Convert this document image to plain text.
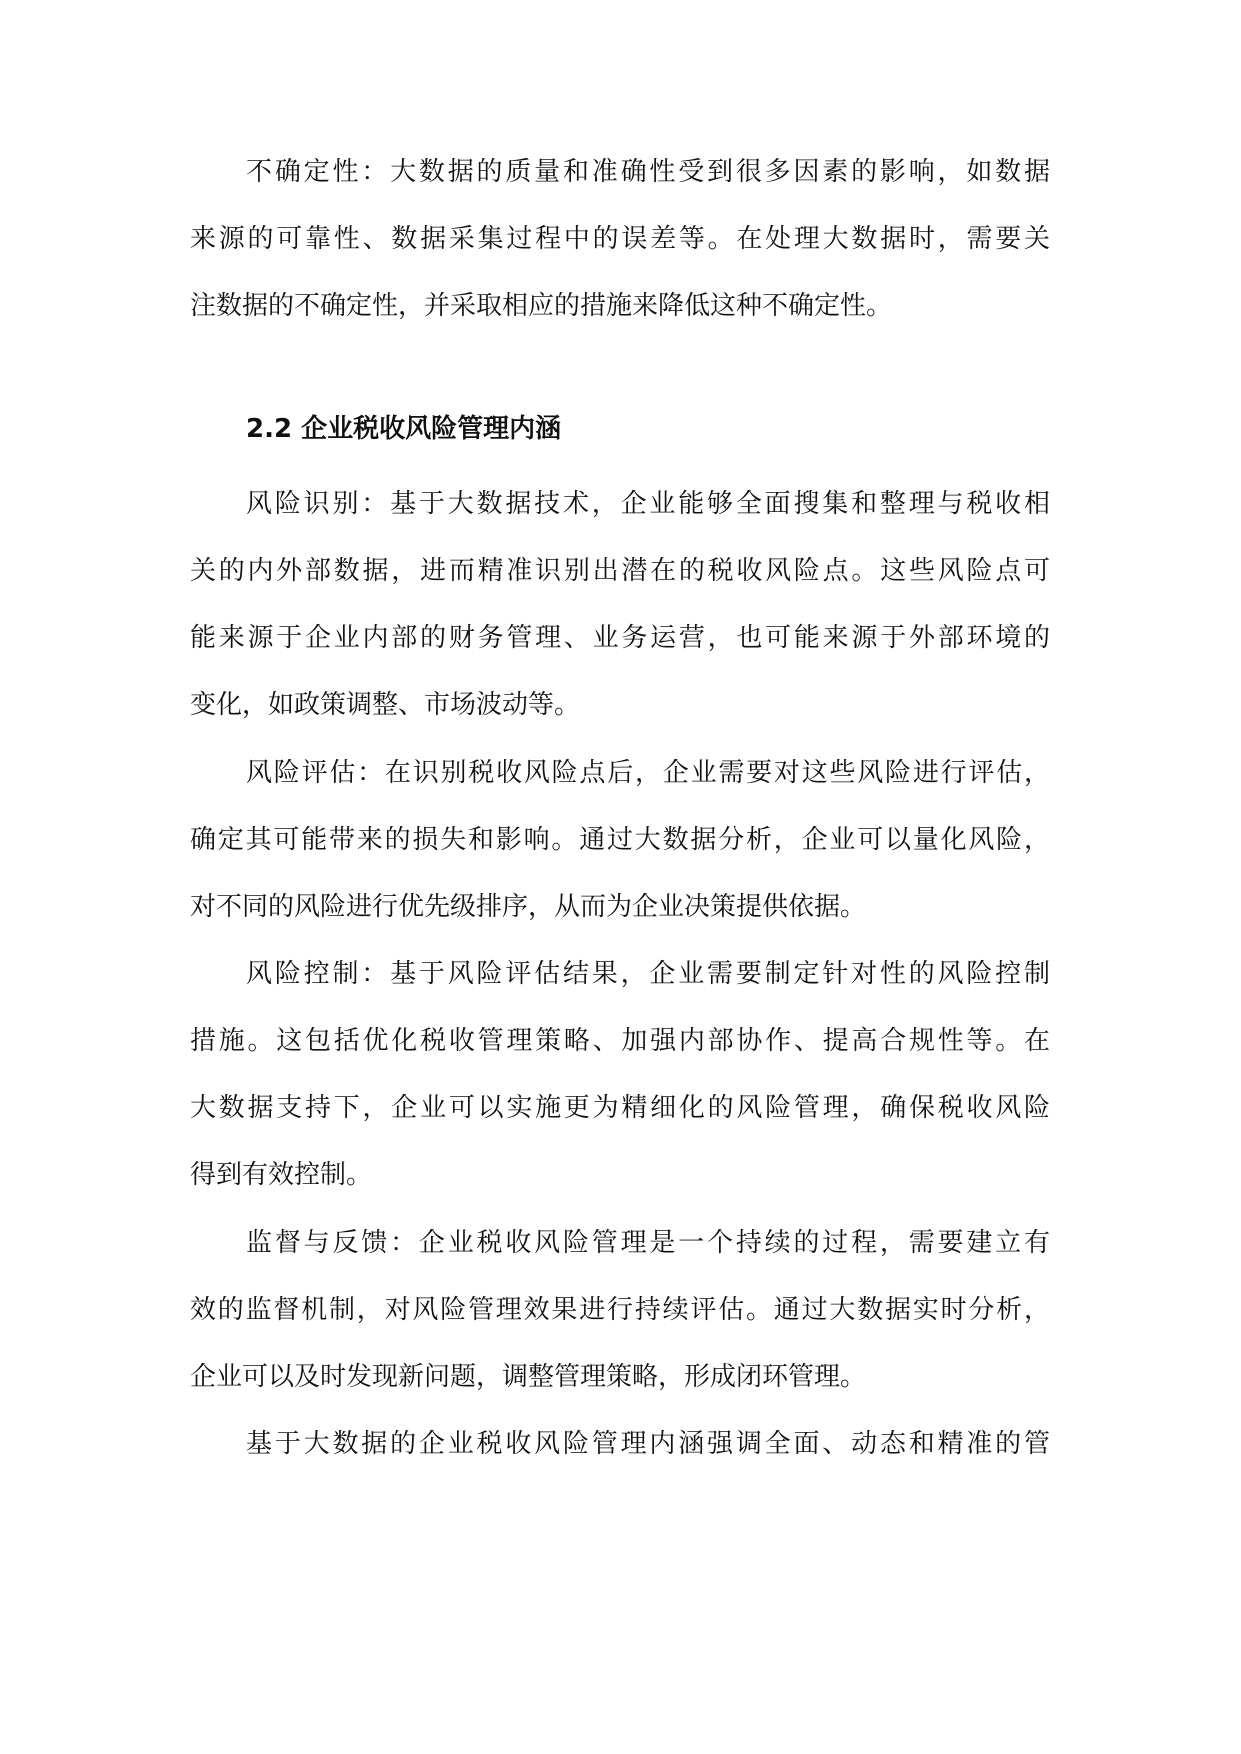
不确定性：大数据的质量和准确性受到很多因素的影响，如数据
来源的可靠性、数据采集过程中的误差等。在处理大数据时，需要关
注数据的不确定性，并采取相应的措施来降低这种不确定性。
2.2 企业税收风险管理内涵
风险识别：基于大数据技术，企业能够全面搜集和整理与税收相
关的内外部数据，进而精准识别出潜在的税收风险点。这些风险点可
能来源于企业内部的财务管理、业务运营，也可能来源于外部环境的
变化，如政策调整、市场波动等。
风险评估：在识别税收风险点后，企业需要对这些风险进行评估，
确定其可能带来的损失和影响。通过大数据分析，企业可以量化风险，
对不同的风险进行优先级排序，从而为企业决策提供依据。
风险控制：基于风险评估结果，企业需要制定针对性的风险控制
措施。这包括优化税收管理策略、加强内部协作、提高合规性等。在
大数据支持下，企业可以实施更为精细化的风险管理，确保税收风险
得到有效控制。
监督与反馈：企业税收风险管理是一个持续的过程，需要建立有
效的监督机制，对风险管理效果进行持续评估。通过大数据实时分析，
企业可以及时发现新问题，调整管理策略，形成闭环管理。
基于大数据的企业税收风险管理内涵强调全面、动态和精准的管
